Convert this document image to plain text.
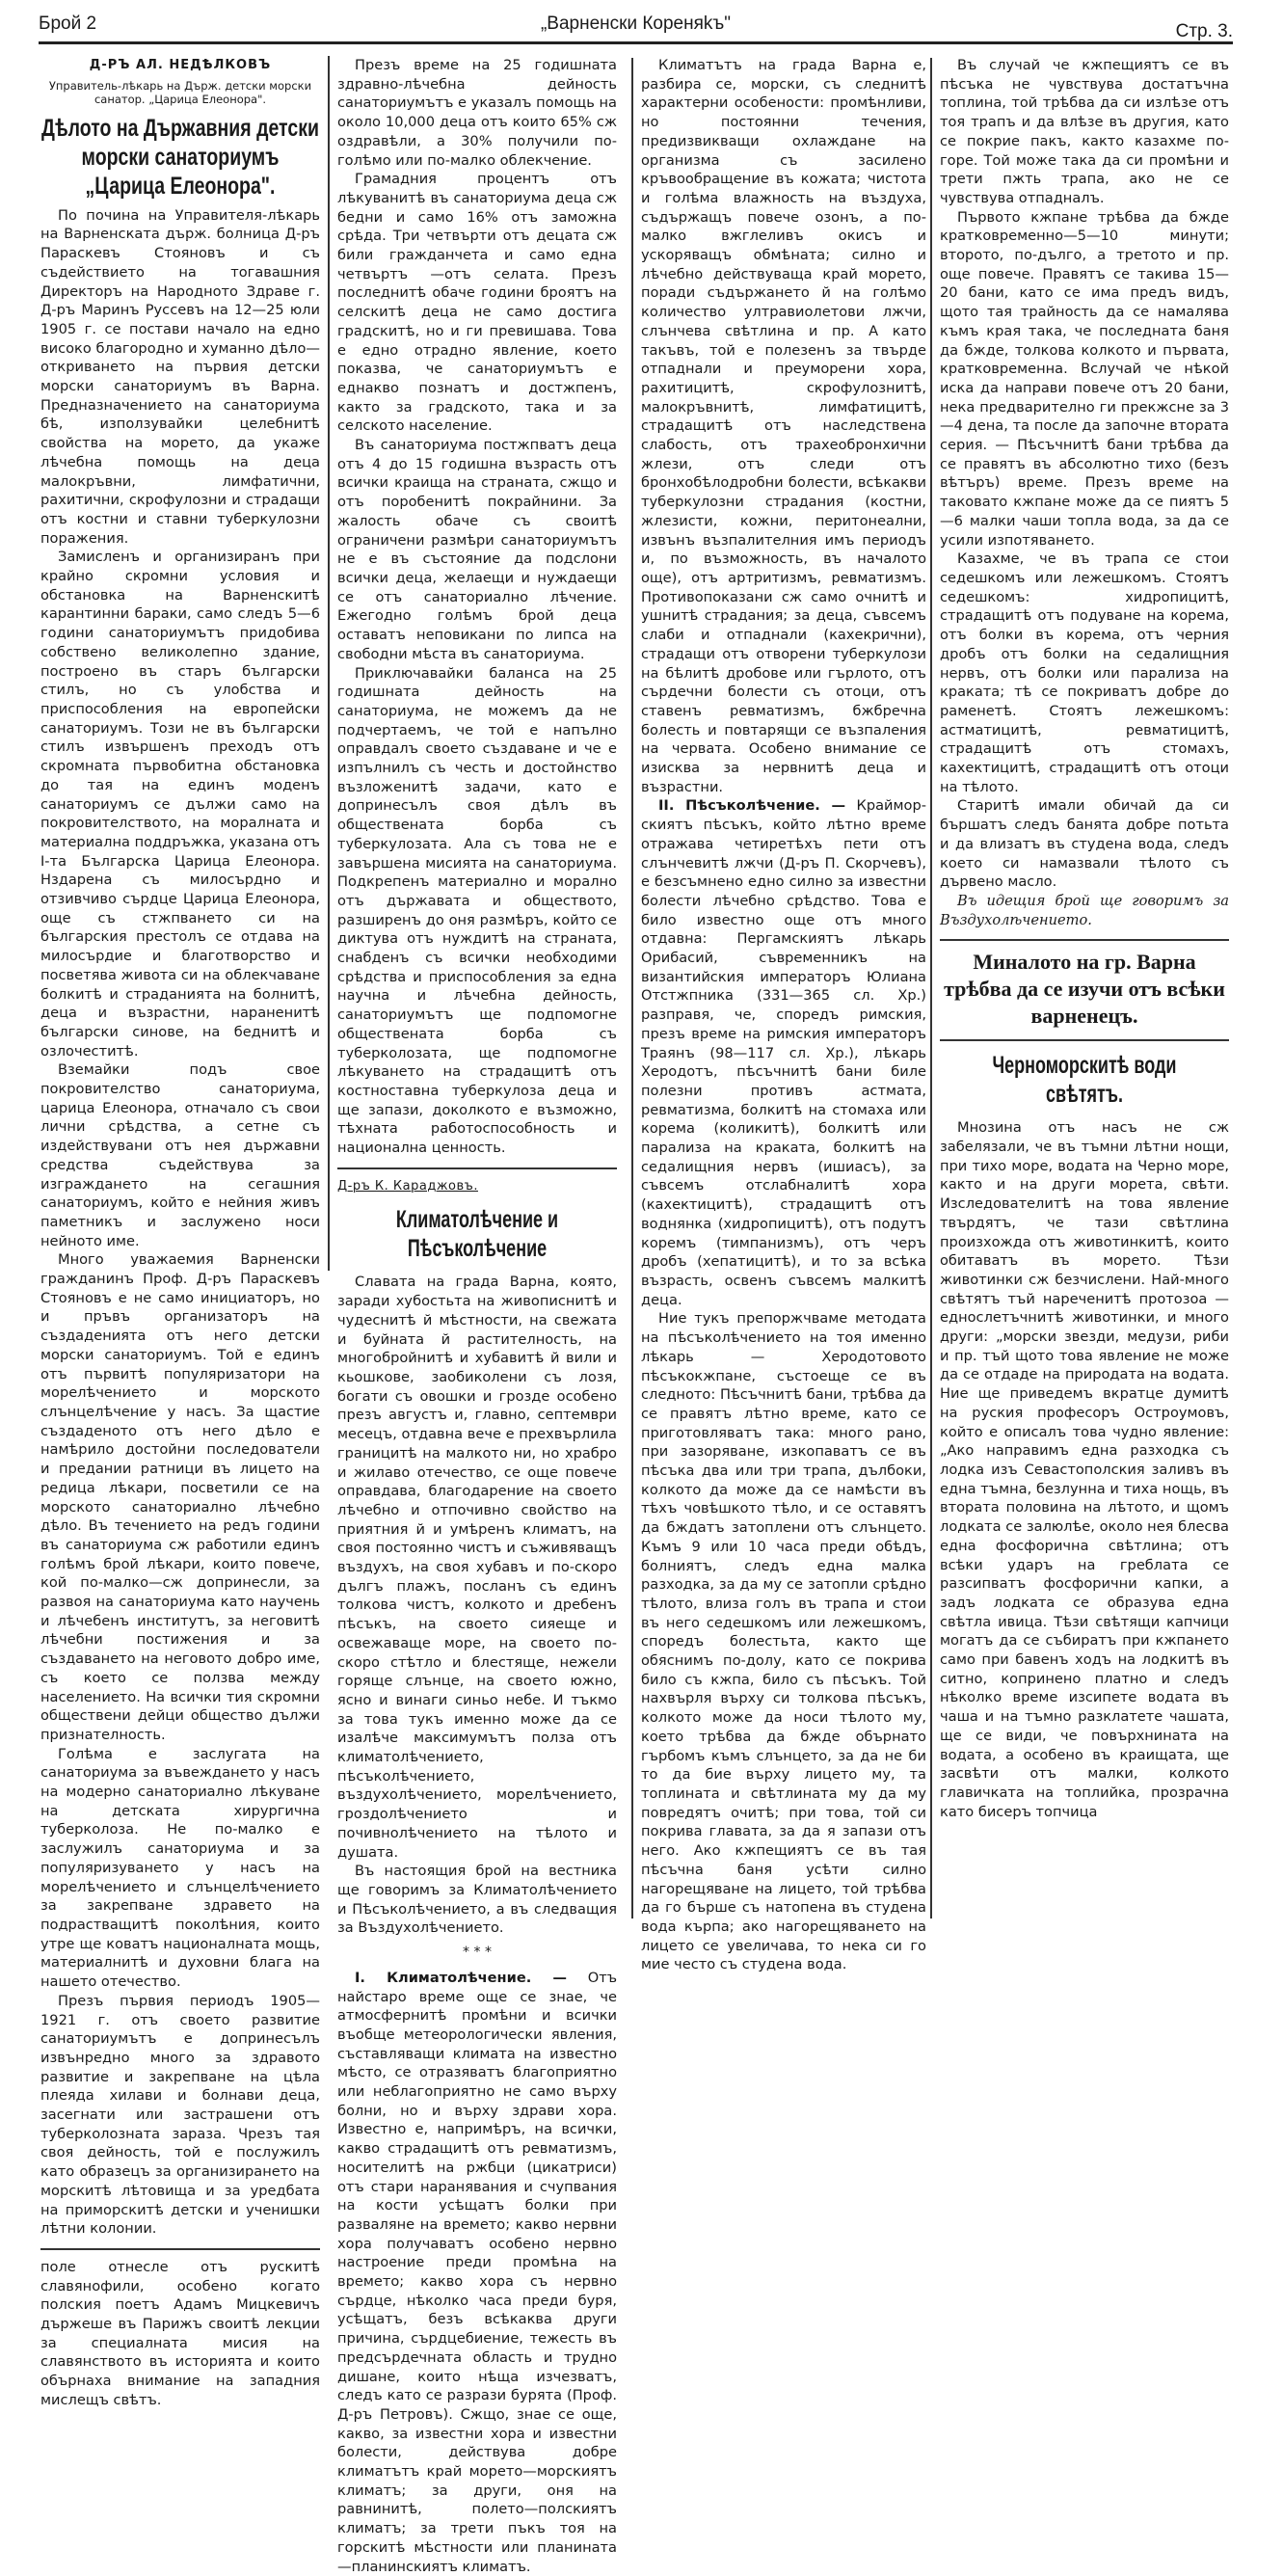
Брой 2	„Варненски Кореняkъ"	Стр. 3.
Д-РЪ АЛ. НЕДѢЛКОВЪ
Управитель-лѣкарь на Държ. детски морски санатор. „Царица Елеонора".
Дѣлото на Държавния детски морски санаториумъ „Царица Елеонора".

По почина на Управителя-лѣкарь на Варненската държ. болница Д-ръ Параскевъ Стояновъ и съ съдействието на тогавашния Директоръ на Народното Здраве г. Д-ръ Маринъ Руссевъ на 12—25 юли 1905 г. се постави начало на едно високо благородно и хуманно дѣло—откриването на първия детски морски санаториумъ въ Варна. Предназначението на санаториума бѣ, използувайки целебнитѣ свойства на морето, да укаже лѣчебна помощь на деца малокръвни, лимфатични, рахитични, скрофулозни и страдащи отъ костни и ставни туберкулозни поражения.

Замисленъ и организиранъ при крайно скромни условия и обстановка на Варненскитѣ карантинни бараки, само следъ 5—6 години санаториумътъ придобива собствено великолепно здание, построено въ старъ български стилъ, но съ улобства и приспособления на европейски санаториумъ. Този не въ български стилъ извършенъ преходъ отъ скромната първобитна обстановка до тая на единъ моденъ санаториумъ се дължи само на покровителството, на моралната и материална поддръжка, указана отъ I-та Българска Царица Елеонора. Нздарена съ милосърдно и отзивчиво сърдце Царица Елеонора, още съ стжпването си на българския престолъ се отдава на милосърдие и благотворство и посветява живота си на облекчаване болкитѣ и страданията на болнитѣ, деца и възрастни, нараненитѣ български синове, на беднитѣ и озлочеститѣ.

Вземайки подъ свое покровителство санаториума, царица Елеонора, отначало съ свои лични срѣдства, а сетне съ издействувани отъ нея държавни средства съдействува за изграждането на сегашния санаториумъ, който е нейния живъ паметникъ и заслужено носи нейното име.

Много уважаемия Варненски гражданинъ Проф. Д-ръ Параскевъ Стояновъ е не само инициаторъ, но и пръвъ организаторъ на създаденията отъ него детски морски санаториумъ. Той е единъ отъ първитѣ популяризатори на морелѣчението и морското слънцелѣчение у насъ. За щастие създаденото отъ него дѣло е намѣрило достойни последователи и предании ратници въ лицето на редица лѣкари, посветили се на морското санаториално лѣчебно дѣло. Въ течението на редъ години въ санаториума сж работили единъ голѣмъ брой лѣкари, които повече, кой по-малко—сж допринесли, за развоя на санаториума като научень и лѣчебенъ институтъ, за неговитѣ лѣчебни постижения и за създаването на неговото добро име, съ което се ползва между населението. На всички тия скромни обществени дейци общество дължи признателность.

Голѣма е заслугата на санаториума за въвеждането у насъ на модерно санаториално лѣкуване на детската хирургична туберколоза. Не по-малко е заслужилъ санаториума и за популяризуването у насъ на морелѣчението и слънцелѣчението за закрепване здравето на подрастващитѣ поколѣния, които утре ще коватъ националната мощь, материалнитѣ и духовни блага на нашето отечество.

Презъ първия периодъ 1905—1921 г. отъ своето развитие санаториумътъ е допринесълъ извънредно много за здравото развитие и закрепване на цѣла плеяда хилави и болнави деца, засегнати или застрашени отъ туберколозната зараза. Чрезъ тая своя дейность, той е послужилъ като образецъ за организирането на морскитѣ лѣтовища и за уредбата на приморскитѣ детски и ученишки лѣтни колонии.

поле отнесле отъ рускитѣ славянофили, особено когато полския поетъ Адамъ Мицкевичъ държеше въ Парижъ своитѣ лекции за специалната мисия на славянството въ историята и които обърнаха внимание на западния мислещъ свѣтъ.

Презъ време на 25 годишната здравно-лѣчебна дейность санаториумътъ е указалъ помощь на около 10,000 деца отъ които 65% сж оздравѣли, а 30% получили по-голѣмо или по-малко облекчение.

Грамадния процентъ отъ лѣкуванитѣ въ санаториума деца сж бедни и само 16% отъ заможна срѣда. Три четвърти отъ децата сж били гражданчета и само една четвъртъ —отъ селата. Презъ последнитѣ обаче години броятъ на селскитѣ деца не само достига градскитѣ, но и ги превишава. Това е едно отрадно явление, което показва, че санаториумътъ е еднакво познатъ и достжпенъ, както за градското, така и за селското население.

Въ санаториума постжпватъ деца отъ 4 до 15 годишна възрасть отъ всички краища на страната, сжщо и отъ поробенитѣ покрайнини. За жалость обаче съ своитѣ ограничени размѣри санаториумътъ не е въ състояние да подслони всички деца, желаещи и нуждаещи се отъ санаториално лѣчение. Ежегодно голѣмъ брой деца оставатъ неповикани по липса на свободни мѣста въ санаториума.

Приключавайки баланса на 25 годишната дейность на санаториума, не можемъ да не подчертаемъ, че той е напълно оправдалъ своето създаване и че е изпълнилъ съ честь и достойнство възложенитѣ задачи, като е допринесълъ своя дѣлъ въ обществената борба съ туберкулозата. Ала съ това не е завършена мисията на санаториума. Подкрепенъ материално и морално отъ държавата и обществото, разширенъ до оня размѣръ, който се диктува отъ нуждитѣ на страната, снабденъ съ всички необходими срѣдства и приспособления за една научна и лѣчебна дейность, санаториумътъ ще подпомогне обществената борба съ туберколозата, ще подпомогне лѣкуването на страдащитѣ отъ костноставна туберкулоза деца и ще запази, доколкото е възможно, тѣхната работоспособность и национална ценность.

Д-ръ К. Караджовъ.
Климатолѣчение и Пѣсъколѣчение

Славата на града Варна, която, заради хубостьта на живописнитѣ и чудеснитѣ й мѣстности, на свежата и буйната й растителность, на многобройнитѣ и хубавитѣ й вили и кьошкове, заобиколени съ лозя, богати съ овошки и грозде особено презъ августъ и, главно, септември месецъ, отдавна вече е прехвърлила границитѣ на малкото ни, но храбро и жилаво отечество, се още повече оправдава, благодарение на своето лѣчебно и отпочивно свойство на приятния й и умѣренъ климатъ, на своя постоянно чистъ и съживяващъ въздухъ, на своя хубавъ и по-скоро дългъ плажъ, посланъ съ единъ толкова чистъ, колкото и дребенъ пѣсъкъ, на своето сияеще и освежаваще море, на своето по-скоро стѣтло и блестяще, нежели горяще слънце, на своето южно, ясно и винаги синьо небе. И тъкмо за това тукъ именно може да се изалѣче максимумътъ полза отъ климатолѣчението, пѣсъколѣчението, въздухолѣчението, морелѣчението, гроздолѣчението и почивнолѣчението на тѣлото и душата.

Въ настоящия брой на вестника ще говоримъ за Климатолѣчението и Пѣсъколѣчението, а въ следващия за Въздухолѣчението.

* * *

I. Климатолѣчение. — Отъ найстаро време още се знае, че атмосфернитѣ промѣни и всички въобще метеорологически явления, съставляващи климата на известно мѣсто, се отразяватъ благоприятно или неблагоприятно не само върху болни, но и върху здрави хора. Известно е, напримѣръ, на всички, какво страдащитѣ отъ ревматизмъ, носителитѣ на ржбци (цикатриси) отъ стари наранявания и счупвания на кости усѣщатъ болки при разваляне на времето; какво нервни хора получаватъ особено нервно настроение преди промѣна на времето; какво хора съ нервно сърдце, нѣколко часа преди буря, усѣщатъ, безъ всѣкаква други причина, сърдцебиение, тежесть въ предсърдечната область и трудно дишане, които нѣща изчезватъ, следъ като се разрази бурята (Проф. Д-ръ Петровъ). Сжщо, знае се още, какво, за известни хора и известни болести, действува добре климатътъ край морето—морскиятъ климатъ; за други, оня на равнинитѣ, полето—полскиятъ климатъ; за трети пъкъ тоя на горскитѣ мѣстности или планината—планинскиятъ климатъ.

Климатътъ на града Варна е, разбира се, морски, съ следнитѣ характерни особености: промѣнливи, но постоянни течения, предизвикващи охлаждане на организма съ засилено кръвообращение въ кожата; чистота и голѣма влажность на въздуха, съдържащъ повече озонъ, а по-малко вжглеливъ окисъ и ускоряващъ обмѣната; силно и лѣчебно действуваща край морето, поради съдържането й на голѣмо количество ултравиолетови лжчи, слънчева свѣтлина и пр. А като такъвъ, той е полезенъ за твърде отпаднали и преуморени хора, рахитицитѣ, скрофулознитѣ, малокръвнитѣ, лимфатицитѣ, страдащитѣ отъ наследствена слабость, отъ трахеобронхични жлези, отъ следи отъ бронхобѣлодробни болести, всѣкакви туберкулозни страдания (костни, жлезисти, кожни, перитонеални, извънъ възпалителния имъ периодъ и, по възможность, въ началото още), отъ артритизмъ, ревматизмъ. Противопоказани сж само очнитѣ и ушнитѣ страдания; за деца, съвсемъ слаби и отпаднали (кахекрични), страдащи отъ отворени туберкулози на бѣлитѣ дробове или гърлото, отъ сърдечни болести съ отоци, отъ ставенъ ревматизмъ, бжбречна болесть и повтарящи се възпаления на червата. Особено внимание се изисква за нервнитѣ деца и възрастни.

II. Пѣсъколѣчение. — Крайморскиятъ пѣсъкъ, който лѣтно време отражава четиретѣхъ пети отъ слънчевитѣ лжчи (Д-ръ П. Скорчевъ), е безсъмнено едно силно за известни болести лѣчебно срѣдство. Това е било известно още отъ много отдавна: Пергамскиятъ лѣкарь Орибасий, съвременникъ на византийския императоръ Юлиана Отстжпника (331—365 сл. Хр.) разправя, че, споредъ римския, презъ време на римския императоръ Траянъ (98—117 сл. Хр.), лѣкарь Херодотъ, пѣсъчнитѣ бани биле полезни противъ астмата, ревматизма, болкитѣ на стомаха или корема (коликитѣ), болкитѣ или парализа на краката, болкитѣ на седалищния нервъ (ишиасъ), за съвсемъ отслабналитѣ хора (кахектицитѣ), страдащитѣ отъ воднянка (хидропицитѣ), отъ подутъ коремъ (тимпанизмъ), отъ черъ дробъ (хепатицитѣ), и то за всѣка възрасть, освенъ съвсемъ малкитѣ деца.

Ние тукъ препоржчваме методата на пѣсъколѣчението на тоя именно лѣкарь — Херодотовото пѣсъкокжпане, състоеще се въ следното: Пѣсъчнитѣ бани, трѣбва да се правятъ лѣтно време, като се приготовляватъ така: много рано, при зазоряване, изкопаватъ се въ пѣсъка два или три трапа, дълбоки, колкото да може да се намѣсти въ тѣхъ човѣшкото тѣло, и се оставятъ да бждатъ затоплени отъ слънцето. Къмъ 9 или 10 часа преди обѣдъ, болниятъ, следъ една малка разходка, за да му се затопли срѣдно тѣлото, влиза голъ въ трапа и стои въ него седешкомъ или лежешкомъ, споредъ болестьта, както ще обяснимъ по-долу, като се покрива било съ кжпа, било съ пѣсъкъ. Той нахвърля върху си толкова пѣсъкъ, колкото може да носи тѣлото му, което трѣбва да бжде обърнато гърбомъ къмъ слънцето, за да не би то да бие върху лицето му, та топлината и свѣтлината му да му повредятъ очитѣ; при това, той си покрива главата, за да я запази отъ него. Ако кжпещиятъ се въ тая пѣсъчна баня усѣти силно нагорещяване на лицето, той трѣбва да го бърше съ натопена въ студена вода кърпа; ако нагорещяването на лицето се увеличава, то нека си го мие често съ студена вода.

Въ случай че кжпещиятъ се въ пѣсъка не чувствува достатъчна топлина, той трѣбва да си излѣзе отъ тоя трапъ и да влѣзе въ другия, като се покрие пакъ, както казахме по-горе. Той може така да си промѣни и трети пжть трапа, ако не се чувствува отпадналъ.

Първото кжпане трѣбва да бжде кратковременно—5—10 минути; второто, по-дълго, а третото и пр. още повече. Правятъ се такива 15—20 бани, като се има предъ видъ, щото тая трайность да се намалява къмъ края така, че последната баня да бжде, толкова колкото и първата, кратковременна. Вслучай че нѣкой иска да направи повече отъ 20 бани, нека предварително ги прекжсне за 3—4 дена, та после да започне втората серия. — Пѣсъчнитѣ бани трѣбва да се правятъ въ абсолютно тихо (безъ вѣтъръ) време. Презъ време на таковато кжпане може да се пиятъ 5—6 малки чаши топла вода, за да се усили изпотяването.

Казахме, че въ трапа се стои седешкомъ или лежешкомъ. Стоятъ седешкомъ: хидропицитѣ, страдащитѣ отъ подуване на корема, отъ болки въ корема, отъ черния дробъ отъ болки на седалищния нервъ, отъ болки или парализа на краката; тѣ се покриватъ добре до раменетѣ. Стоятъ лежешкомъ: астматицитѣ, ревматицитѣ, страдащитѣ отъ стомахъ, кахектицитѣ, страдащитѣ отъ отоци на тѣлото.

Старитѣ имали обичай да си бършатъ следъ банята добре потьта и да влизатъ въ студена вода, следъ което си намазвали тѣлото съ дървено масло.

Въ идещия брой ще говоримъ за Въздухолѣчението.

Миналото на гр. Варна трѣбва да се изучи отъ всѣки варненецъ.
Черноморскитѣ води свѣтятъ.

Мнозина отъ насъ не сж забелязали, че въ тъмни лѣтни нощи, при тихо море, водата на Черно море, както и на други морета, свѣти. Изследователитѣ на това явление твърдятъ, че тази свѣтлина произхожда отъ животинкитѣ, които обитаватъ въ морето. Тѣзи животинки сж безчислени. Най-много свѣтятъ тъй нареченитѣ протозоа — еднослетъчнитѣ животинки, и много други: „морски звезди, медузи, риби и пр. тъй щото това явление не може да се отдаде на природата на водата. Ние ще приведемъ вкратце думитѣ на руския професоръ Остроумовъ, който е описалъ това чудно явление: „Ако направимъ една разходка съ лодка изъ Севастополския заливъ въ една тъмна, безлунна и тиха нощь, въ втората половина на лѣтото, и щомъ лодката се залюлѣе, около нея блесва една фосфорична свѣтлина; отъ всѣки ударъ на греблата се разсипватъ фосфорични капки, а задъ лодката се образува една свѣтла ивица. Тѣзи свѣтящи капчици могатъ да се събиратъ при кжпането само при бавенъ ходъ на лодкитѣ въ ситно, копринено платно и следъ нѣколко време изсипете водата въ чаша и на тъмно разклатете чашата, ще се види, че повърхнината на водата, а особено въ краищата, ще засвѣти отъ малки, колкото главичката на топлийка, прозрачна като бисеръ топчица
